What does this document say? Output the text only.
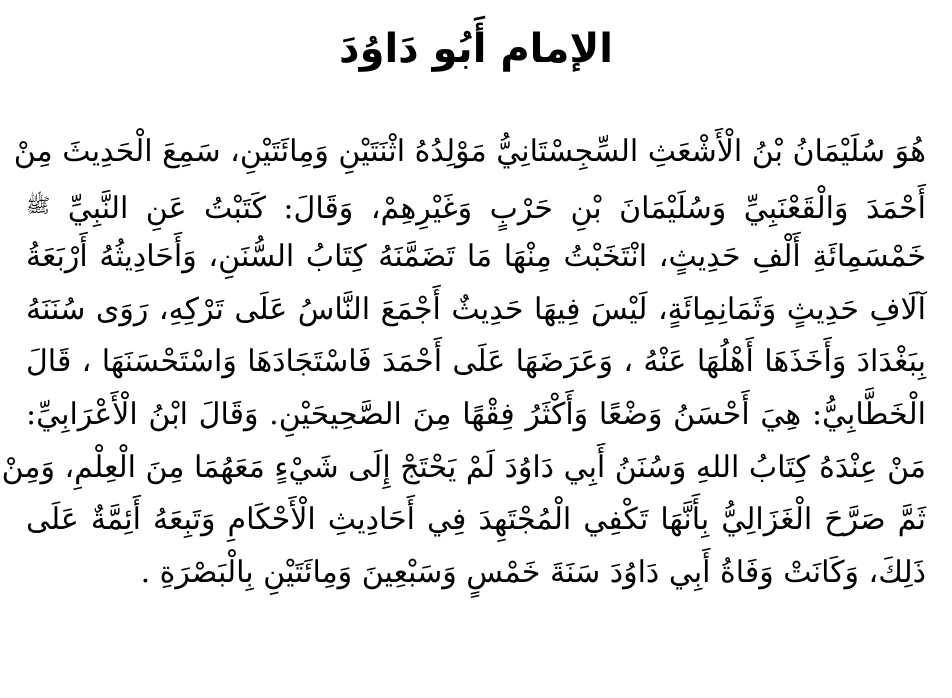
الإمام أَبُو دَاوُدَ
هُوَ سُلَيْمَانُ بْنُ الْأَشْعَثِ السِّجِسْتَانِيُّ مَوْلِدُهُ اثْنَتَيْنِ وَمِائَتَيْنِ، سَمِعَ الْحَدِيثَ مِنْ
أَحْمَدَ وَالْقَعْنَبِيِّ وَسُلَيْمَانَ بْنِ حَرْبٍ وَغَيْرِهِمْ، وَقَالَ: كَتَبْتُ عَنِ النَّبِيِّ $^ﷺ$
خَمْسَمِائَةِ أَلْفِ حَدِيثٍ، انْتَخَبْتُ مِنْهَا مَا تَضَمَّنَهُ كِتَابُ السُّنَنِ، وَأَحَادِيثُهُ أَرْبَعَةُ
آلَافِ حَدِيثٍ وَثَمَانِمِائَةٍ، لَيْسَ فِيهَا حَدِيثٌ أَجْمَعَ النَّاسُ عَلَى تَرْكِهِ، رَوَى سُنَنَهُ
بِبَغْدَادَ وَأَخَذَهَا أَهْلُهَا عَنْهُ ، وَعَرَضَهَا عَلَى أَحْمَدَ فَاسْتَجَادَهَا وَاسْتَحْسَنَهَا ، قَالَ
الْخَطَّابِيُّ: هِيَ أَحْسَنُ وَضْعًا وَأَكْثَرُ فِقْهًا مِنَ الصَّحِيحَيْنِ. وَقَالَ ابْنُ الْأَعْرَابِيِّ:
مَنْ عِنْدَهُ كِتَابُ اللهِ وَسُنَنُ أَبِي دَاوُدَ لَمْ يَحْتَجْ إِلَى شَيْءٍ مَعَهُمَا مِنَ الْعِلْمِ، وَمِنْ
ثَمَّ صَرَّحَ الْغَزَالِيُّ بِأَنَّهَا تَكْفِي الْمُجْتَهِدَ فِي أَحَادِيثِ الْأَحْكَامِ وَتَبِعَهُ أَئِمَّةٌ عَلَى
ذَلِكَ، وَكَانَتْ وَفَاةُ أَبِي دَاوُدَ سَنَةَ خَمْسٍ وَسَبْعِينَ وَمِائَتَيْنِ بِالْبَصْرَةِ .
